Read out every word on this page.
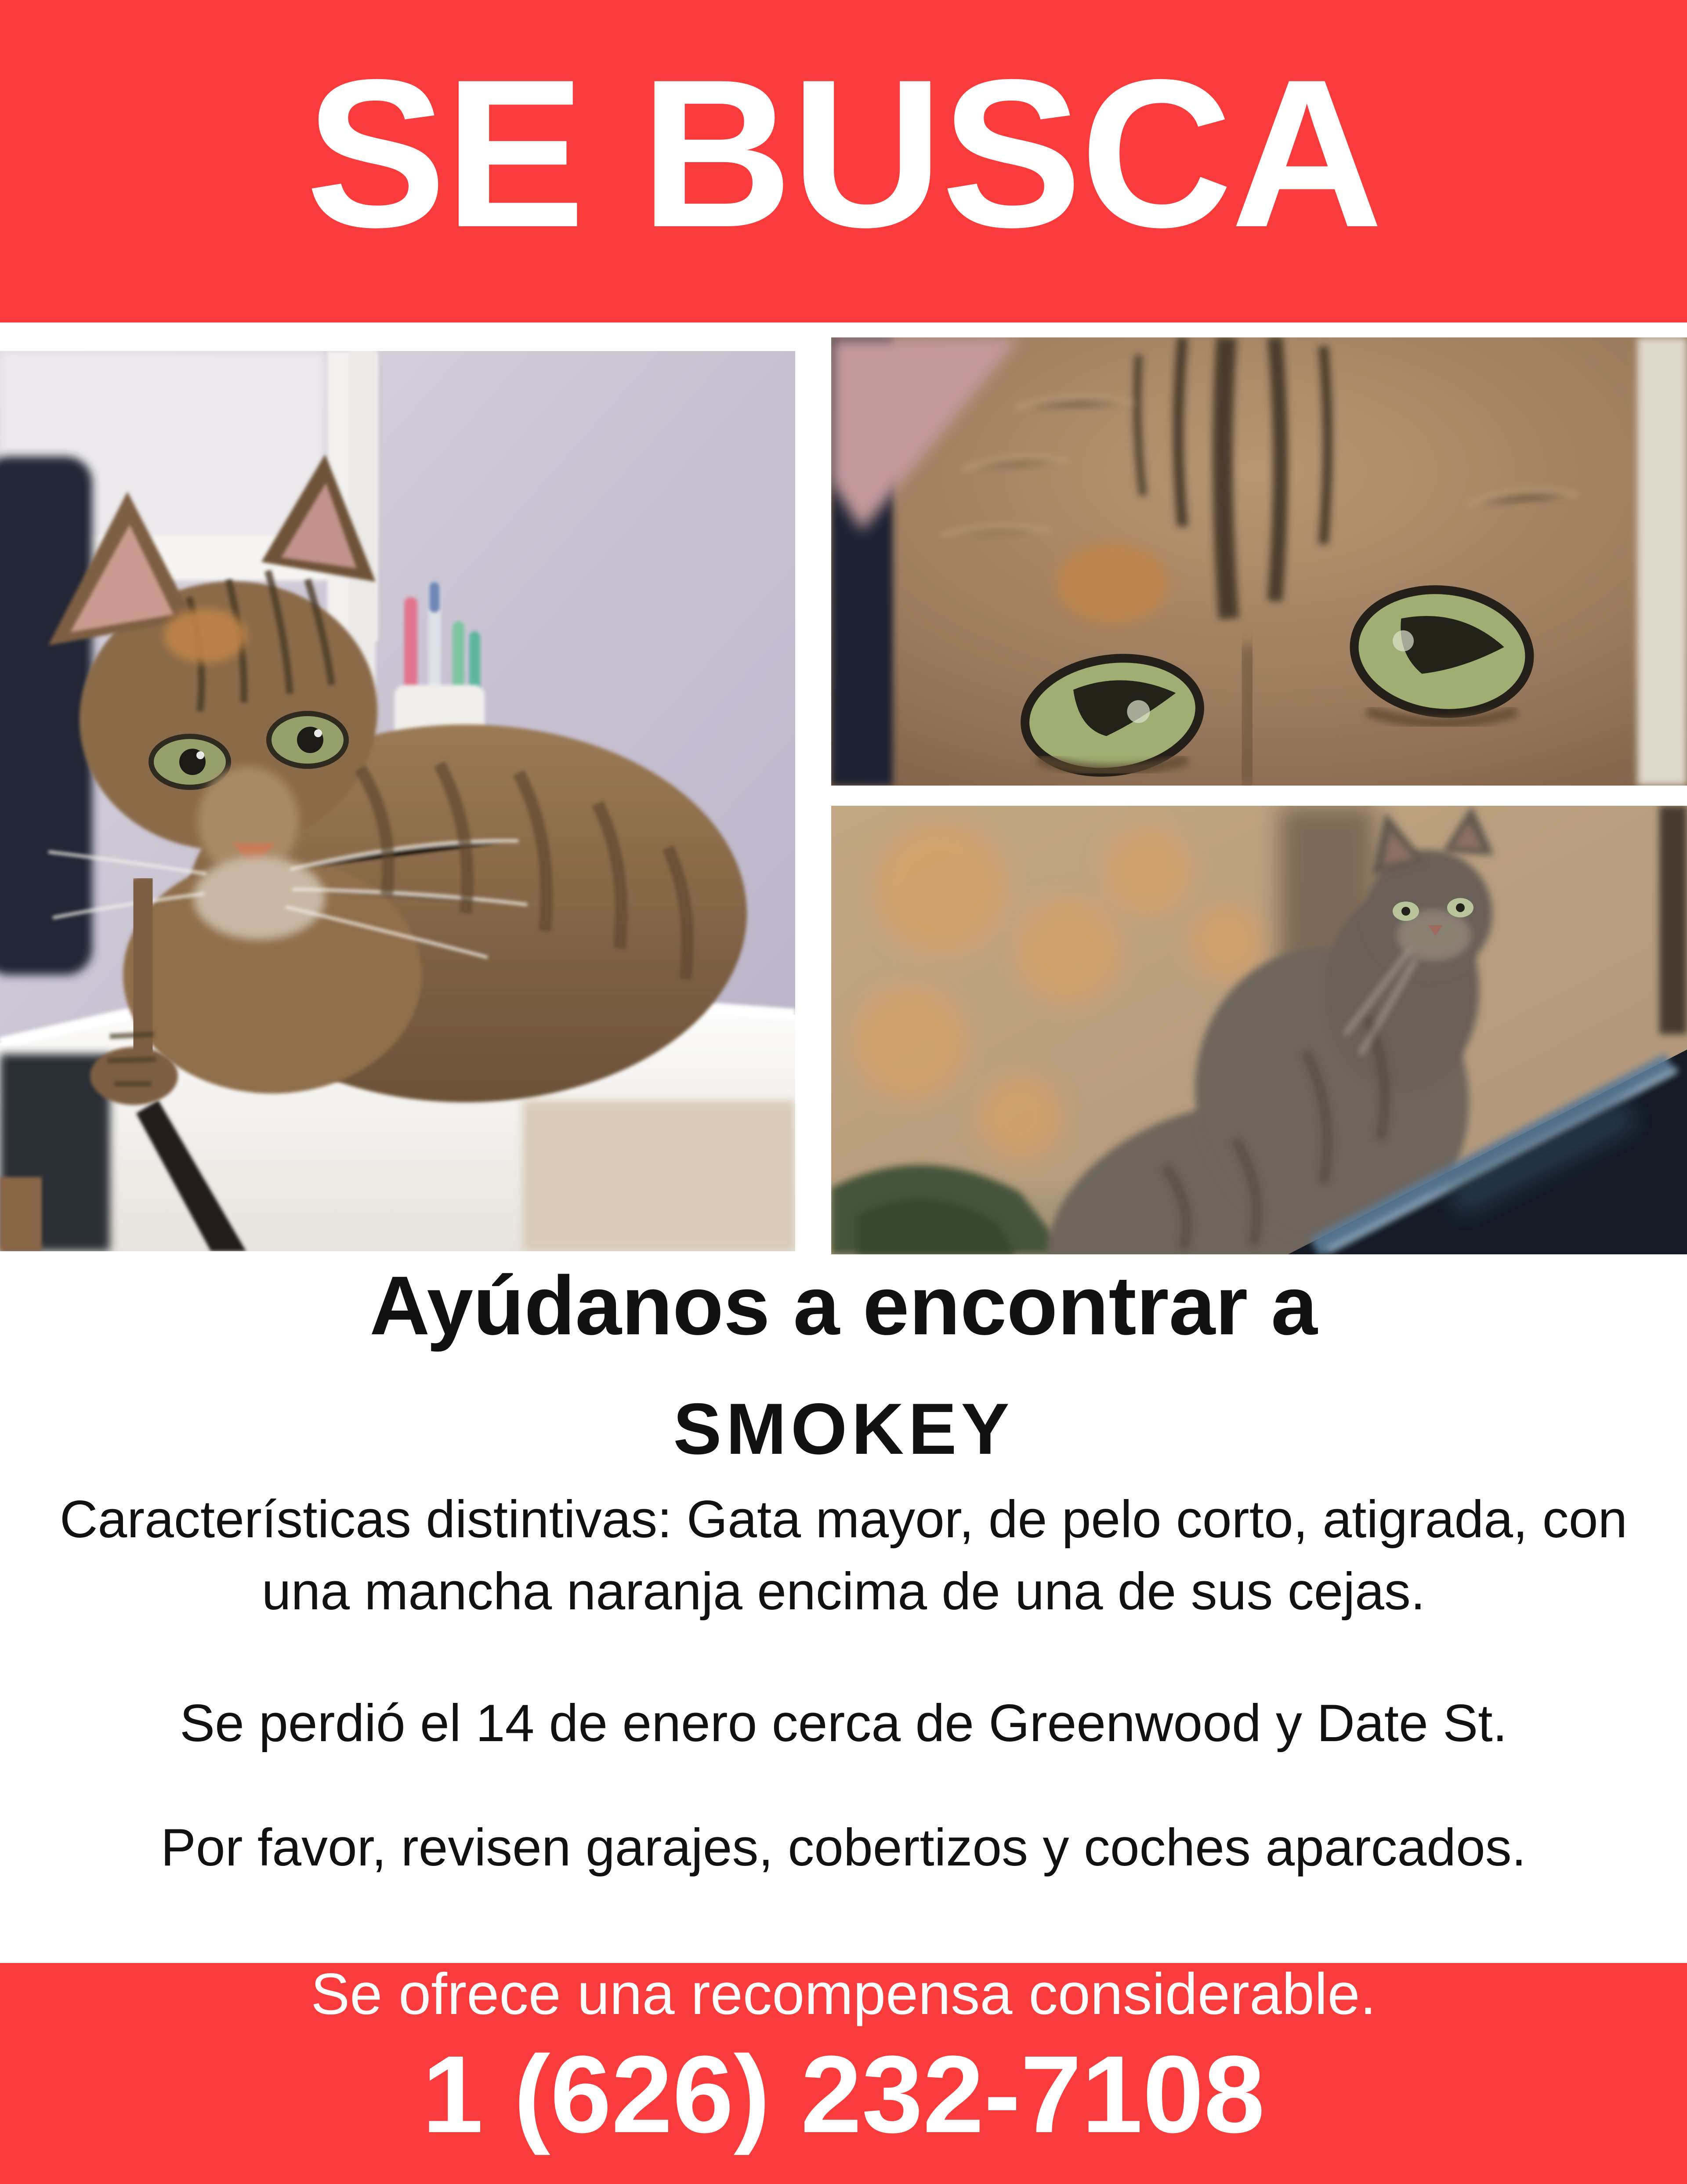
SE BUSCA
Ayúdanos a encontrar a
SMOKEY
Características distintivas: Gata mayor, de pelo corto, atigrada, con una mancha naranja encima de una de sus cejas.
Se perdió el 14 de enero cerca de Greenwood y Date St.
Por favor, revisen garajes, cobertizos y coches aparcados.
Se ofrece una recompensa considerable.
1 (626) 232-7108
